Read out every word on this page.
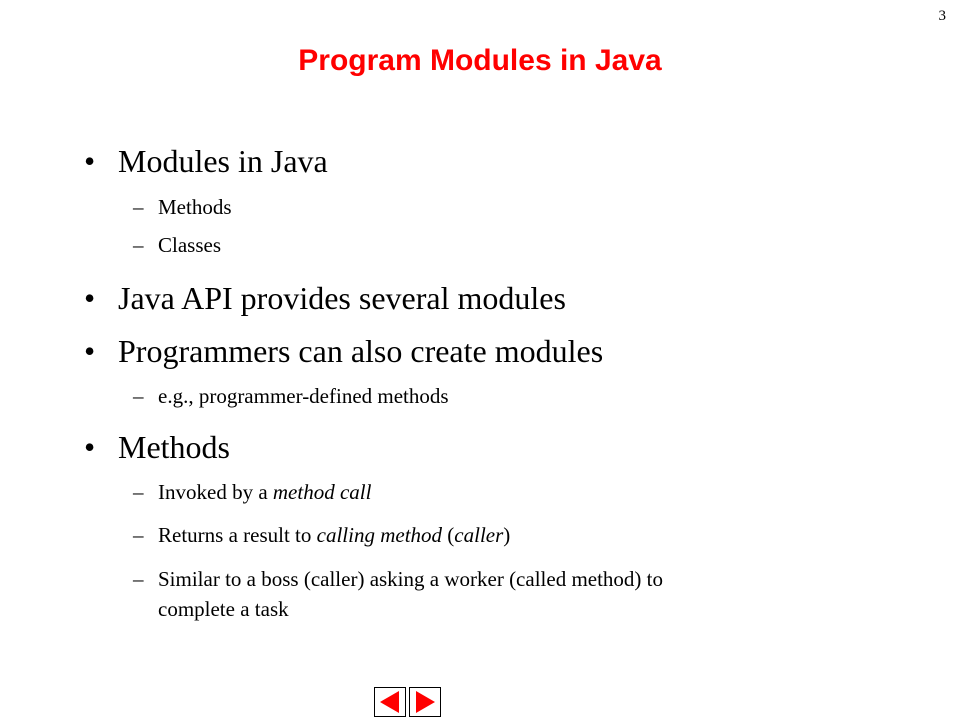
3
Program Modules in Java
• Modules in Java
– Methods
– Classes
• Java API provides several modules
• Programmers can also create modules
– e.g., programmer-defined methods
• Methods
– Invoked by a method call
– Returns a result to calling method (caller)
– Similar to a boss (caller) asking a worker (called method) to
complete a task
